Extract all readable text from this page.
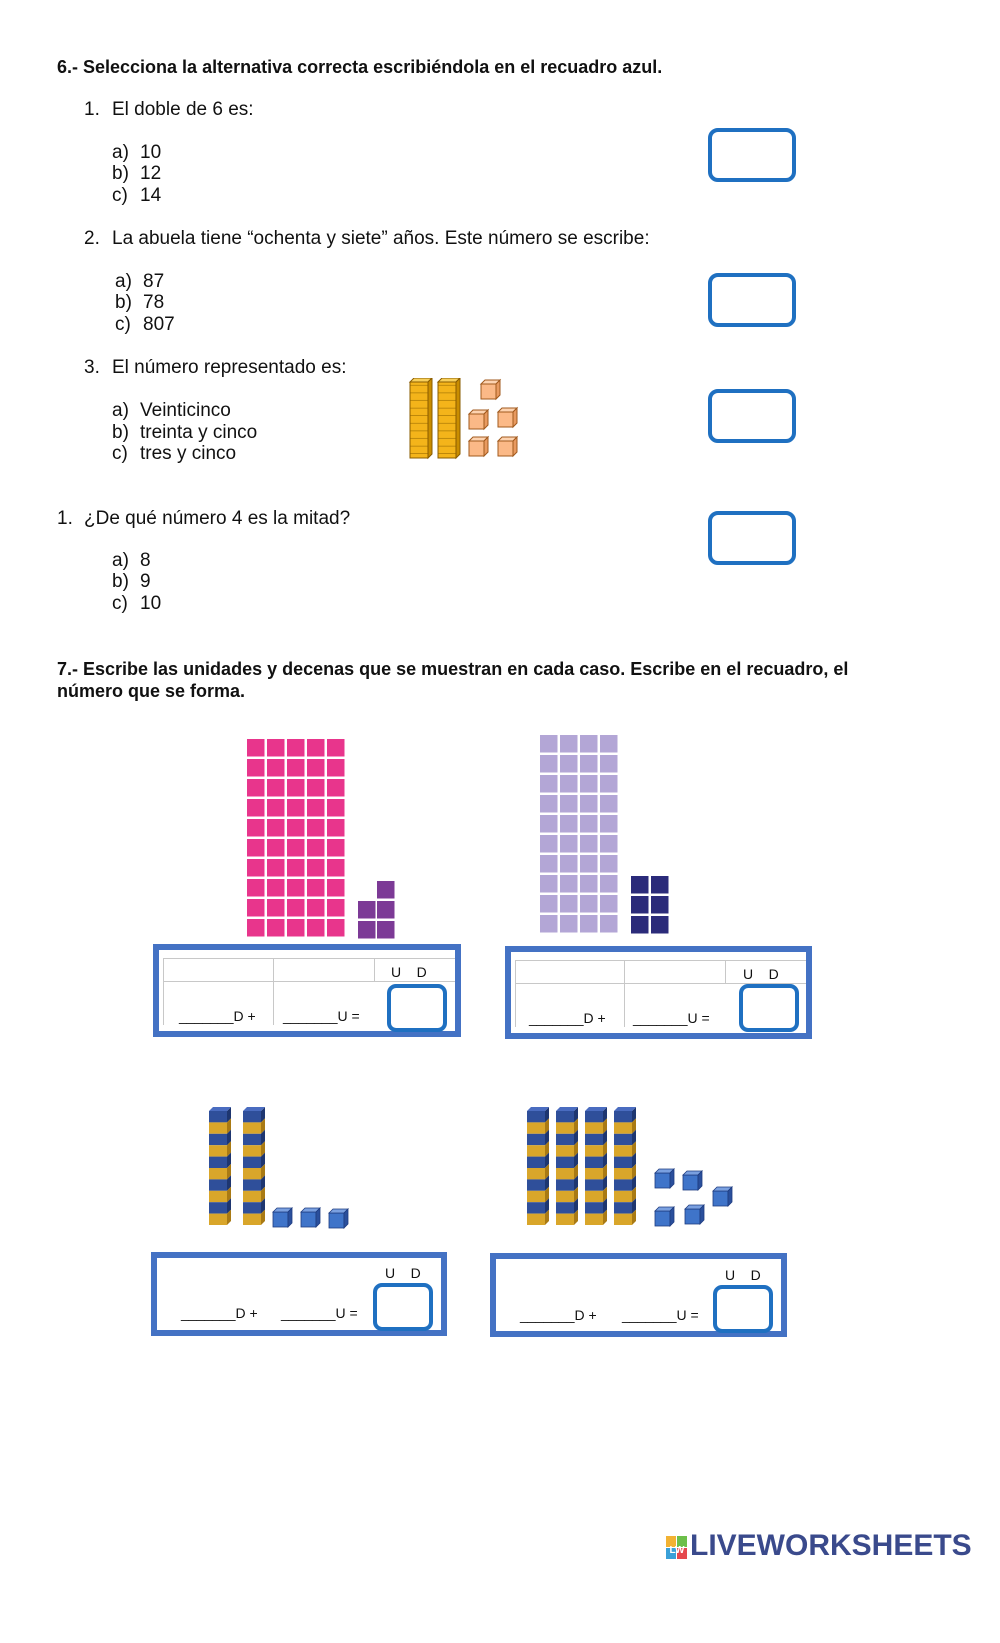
6.- Selecciona la alternativa correcta escribiéndola en el recuadro azul.
1. El doble de 6 es:
a) 10
b) 12
c) 14
2. La abuela tiene “ochenta y siete” años. Este número se escribe:
a) 87
b) 78
c) 807
3. El número representado es:
a) Veinticinco
b) treinta y cinco
c) tres y cinco
1. ¿De qué número 4 es la mitad?
a) 8
b) 9
c) 10
7.- Escribe las unidades y decenas que se muestran en cada caso. Escribe en el recuadro, el
número que se forma.
U    D
_______D + _______U =
U    D
_______D + _______U =
U    D
_______D + _______U =
U    D
_______D + _______U =
LW LIVEWORKSHEETS
